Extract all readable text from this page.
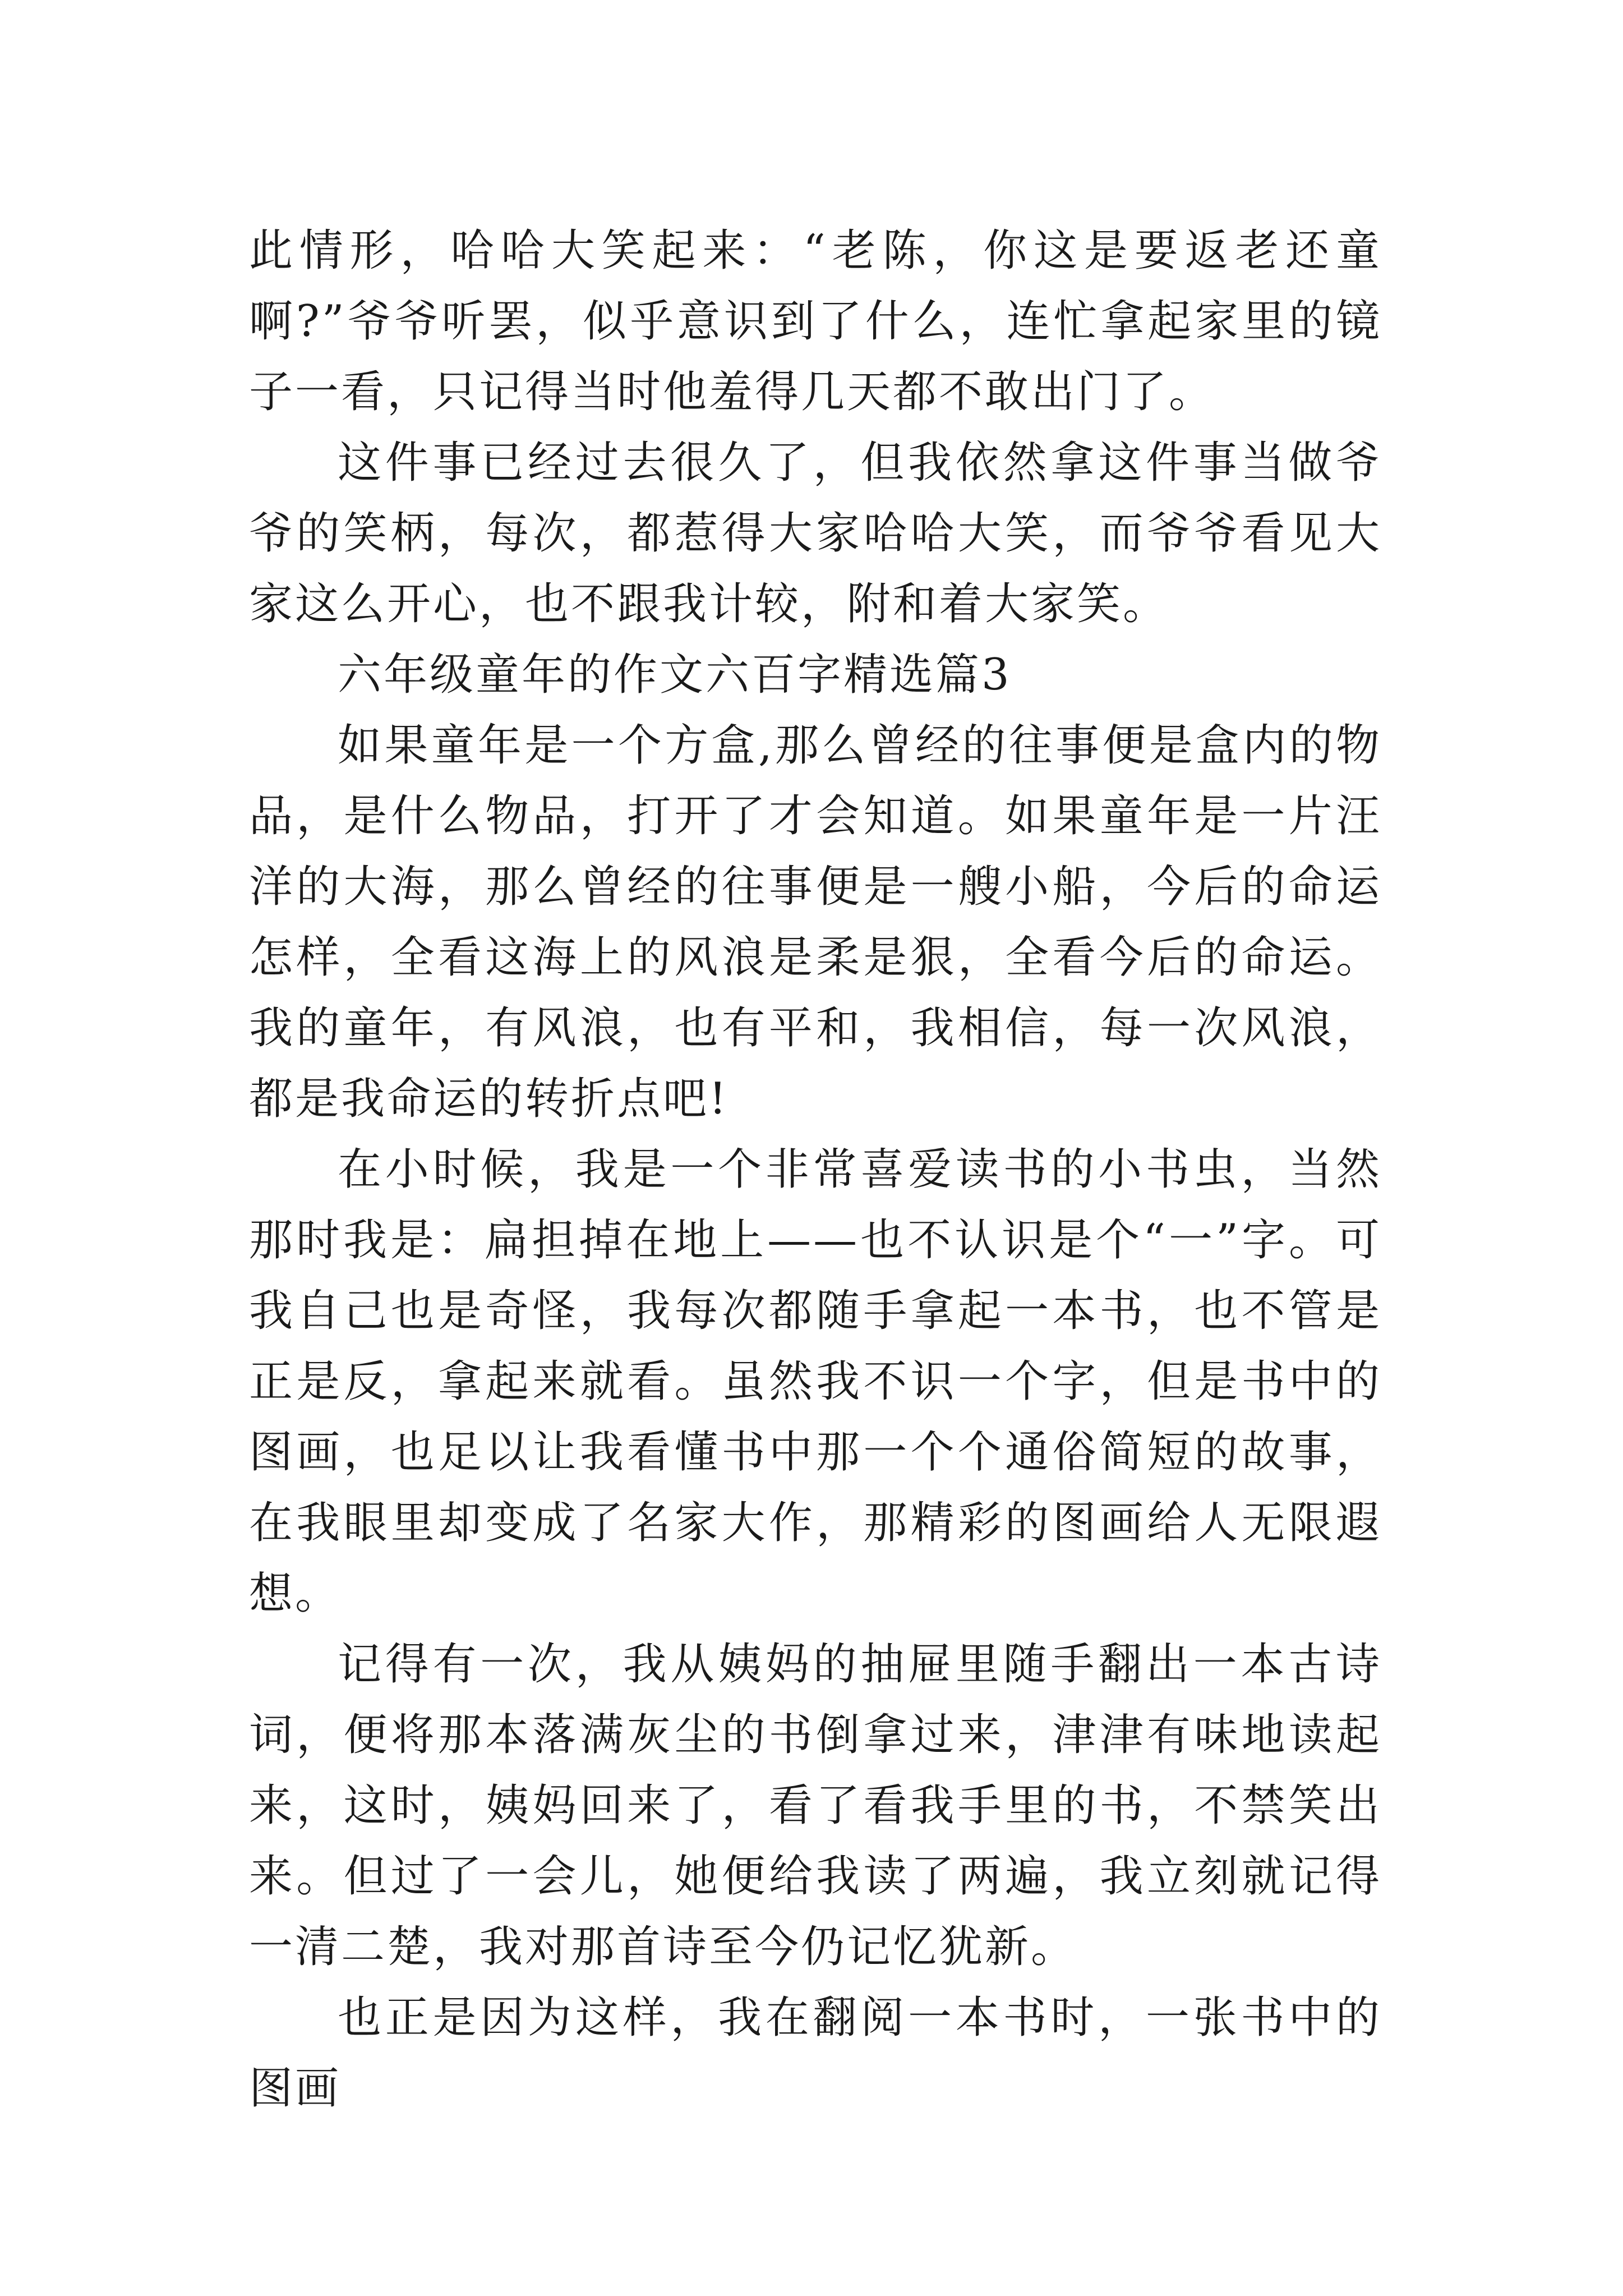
此情形，哈哈大笑起来：“老陈，你这是要返老还童啊?”爷爷听罢，似乎意识到了什么，连忙拿起家里的镜子一看，只记得当时他羞得几天都不敢出门了。

这件事已经过去很久了，但我依然拿这件事当做爷爷的笑柄，每次，都惹得大家哈哈大笑，而爷爷看见大家这么开心，也不跟我计较，附和着大家笑。

六年级童年的作文六百字精选篇3

如果童年是一个方盒,那么曾经的往事便是盒内的物品，是什么物品，打开了才会知道。如果童年是一片汪洋的大海，那么曾经的往事便是一艘小船，今后的命运怎样，全看这海上的风浪是柔是狠，全看今后的命运。我的童年，有风浪，也有平和，我相信，每一次风浪，都是我命运的转折点吧!

在小时候，我是一个非常喜爱读书的小书虫，当然那时我是：扁担掉在地上——也不认识是个“一”字。可我自己也是奇怪，我每次都随手拿起一本书，也不管是正是反，拿起来就看。虽然我不识一个字，但是书中的图画，也足以让我看懂书中那一个个通俗简短的故事，在我眼里却变成了名家大作，那精彩的图画给人无限遐想。

记得有一次，我从姨妈的抽屉里随手翻出一本古诗词，便将那本落满灰尘的书倒拿过来，津津有味地读起来，这时，姨妈回来了，看了看我手里的书，不禁笑出来。但过了一会儿，她便给我读了两遍，我立刻就记得一清二楚，我对那首诗至今仍记忆犹新。

也正是因为这样，我在翻阅一本书时，一张书中的图画
